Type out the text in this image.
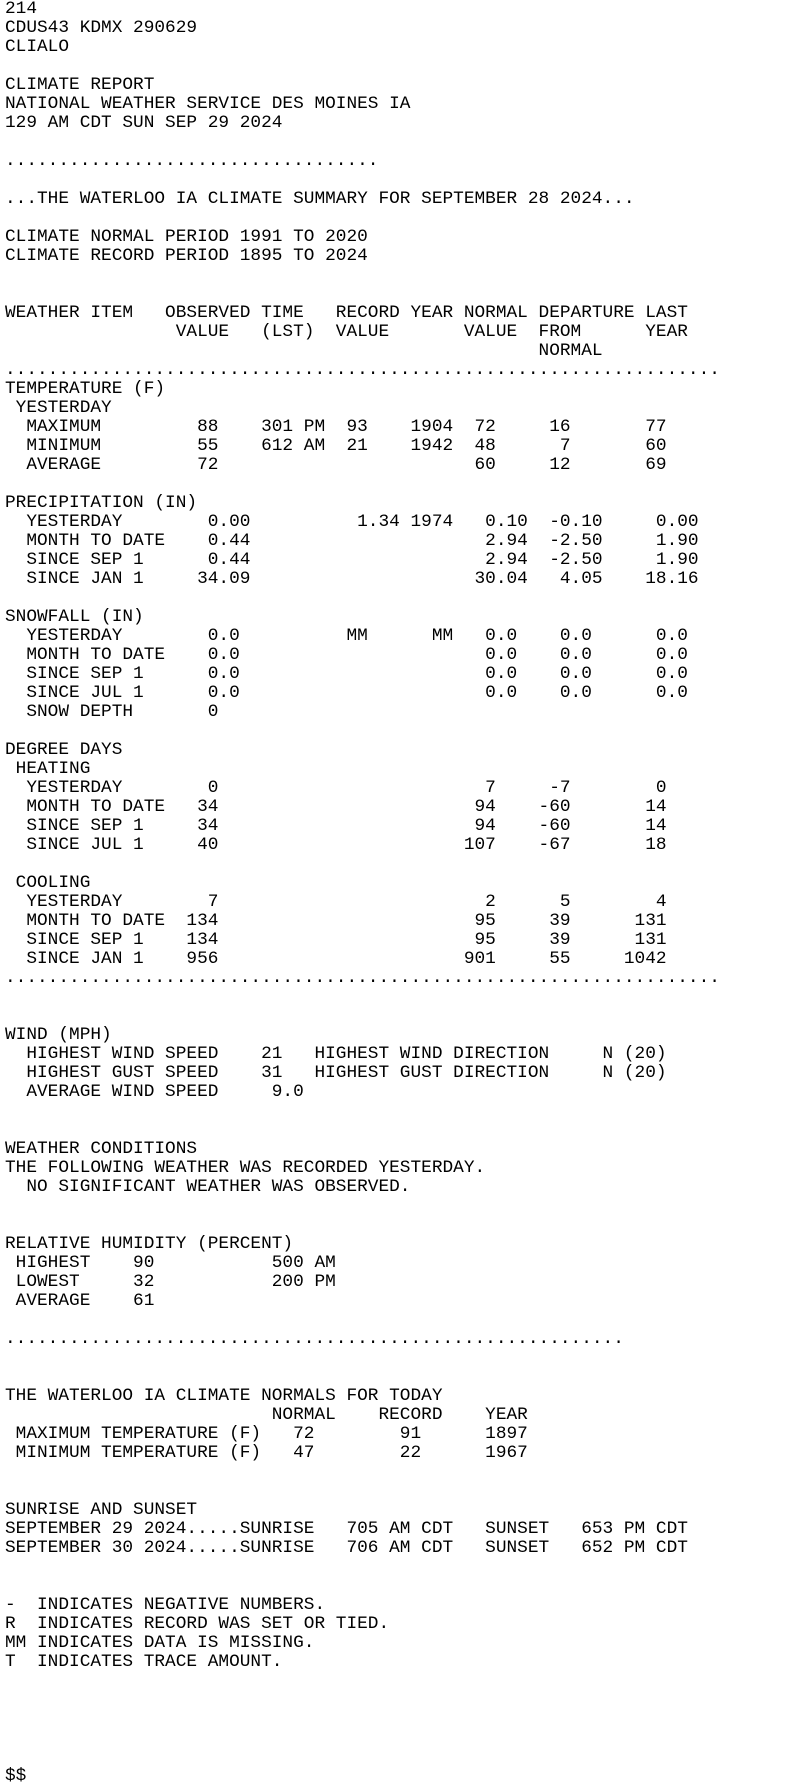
214
CDUS43 KDMX 290629
CLIALO
CLIMATE REPORT
NATIONAL WEATHER SERVICE DES MOINES IA
129 AM CDT SUN SEP 29 2024
...................................
...THE WATERLOO IA CLIMATE SUMMARY FOR SEPTEMBER 28 2024...
CLIMATE NORMAL PERIOD 1991 TO 2020
CLIMATE RECORD PERIOD 1895 TO 2024
WEATHER ITEM   OBSERVED TIME   RECORD YEAR NORMAL DEPARTURE LAST
VALUE   (LST)  VALUE       VALUE  FROM      YEAR
NORMAL
...................................................................
TEMPERATURE (F)
YESTERDAY
MAXIMUM         88    301 PM  93    1904  72     16       77
MINIMUM         55    612 AM  21    1942  48      7       60
AVERAGE         72                        60     12       69
PRECIPITATION (IN)
YESTERDAY        0.00          1.34 1974   0.10  -0.10     0.00
MONTH TO DATE    0.44                      2.94  -2.50     1.90
SINCE SEP 1      0.44                      2.94  -2.50     1.90
SINCE JAN 1     34.09                     30.04   4.05    18.16
SNOWFALL (IN)
YESTERDAY        0.0          MM      MM   0.0    0.0      0.0
MONTH TO DATE    0.0                       0.0    0.0      0.0
SINCE SEP 1      0.0                       0.0    0.0      0.0
SINCE JUL 1      0.0                       0.0    0.0      0.0
SNOW DEPTH       0
DEGREE DAYS
HEATING
YESTERDAY        0                         7     -7        0
MONTH TO DATE   34                        94    -60       14
SINCE SEP 1     34                        94    -60       14
SINCE JUL 1     40                       107    -67       18
COOLING
YESTERDAY        7                         2      5        4
MONTH TO DATE  134                        95     39      131
SINCE SEP 1    134                        95     39      131
SINCE JAN 1    956                       901     55     1042
...................................................................
WIND (MPH)
HIGHEST WIND SPEED    21   HIGHEST WIND DIRECTION     N (20)
HIGHEST GUST SPEED    31   HIGHEST GUST DIRECTION     N (20)
AVERAGE WIND SPEED     9.0
WEATHER CONDITIONS
THE FOLLOWING WEATHER WAS RECORDED YESTERDAY.
NO SIGNIFICANT WEATHER WAS OBSERVED.
RELATIVE HUMIDITY (PERCENT)
HIGHEST    90           500 AM
LOWEST     32           200 PM
AVERAGE    61
..........................................................
THE WATERLOO IA CLIMATE NORMALS FOR TODAY
NORMAL    RECORD    YEAR
MAXIMUM TEMPERATURE (F)   72        91      1897
MINIMUM TEMPERATURE (F)   47        22      1967
SUNRISE AND SUNSET
SEPTEMBER 29 2024.....SUNRISE   705 AM CDT   SUNSET   653 PM CDT
SEPTEMBER 30 2024.....SUNRISE   706 AM CDT   SUNSET   652 PM CDT
-  INDICATES NEGATIVE NUMBERS.
R  INDICATES RECORD WAS SET OR TIED.
MM INDICATES DATA IS MISSING.
T  INDICATES TRACE AMOUNT.
$$
